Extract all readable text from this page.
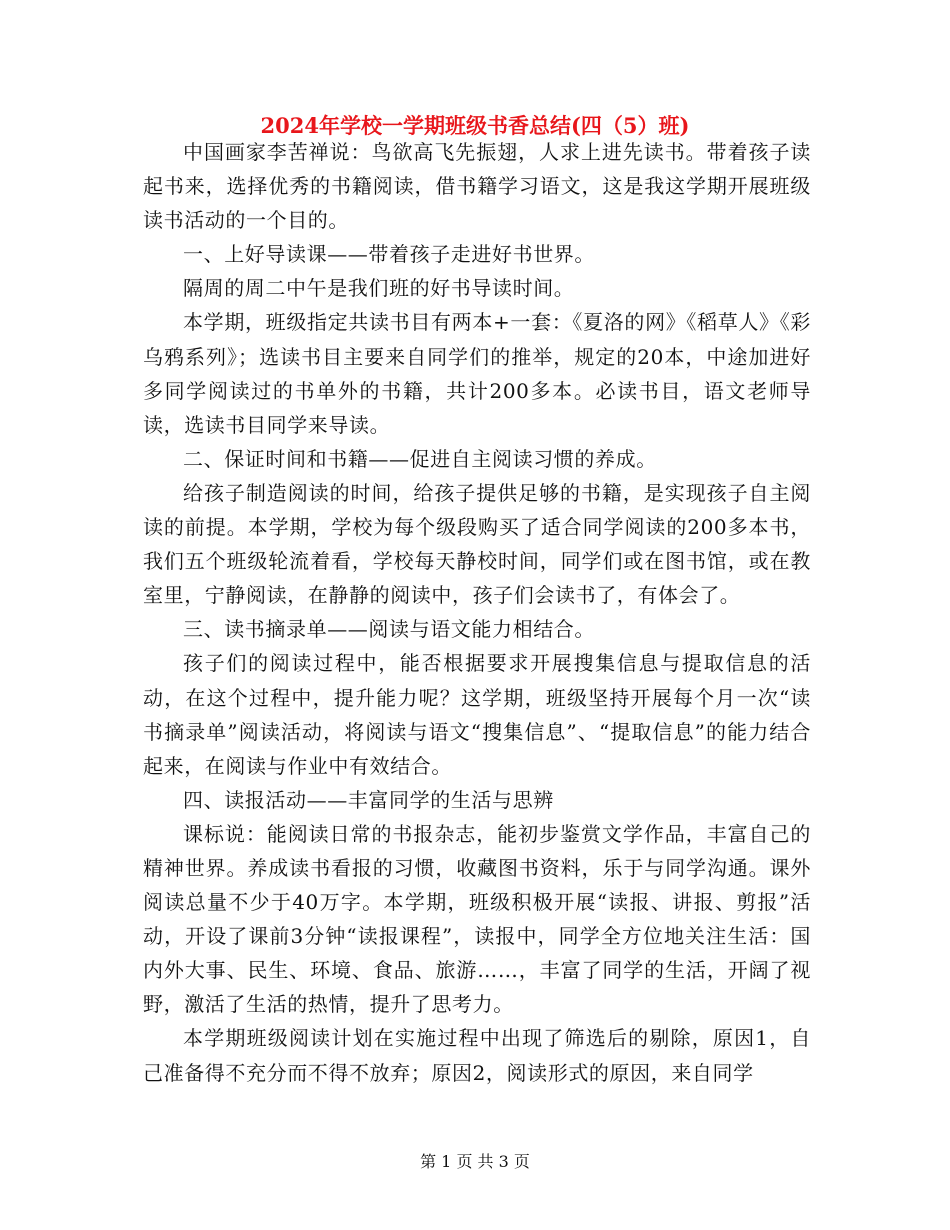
2024年学校一学期班级书香总结(四（5）班)

中国画家李苦禅说：鸟欲高飞先振翅，人求上进先读书。带着孩子读起书来，选择优秀的书籍阅读，借书籍学习语文，这是我这学期开展班级读书活动的一个目的。

一、上好导读课——带着孩子走进好书世界。

隔周的周二中午是我们班的好书导读时间。

本学期，班级指定共读书目有两本+一套：《夏洛的网》《稻草人》《彩乌鸦系列》；选读书目主要来自同学们的推举，规定的20本，中途加进好多同学阅读过的书单外的书籍，共计200多本。必读书目，语文老师导读，选读书目同学来导读。

二、保证时间和书籍——促进自主阅读习惯的养成。

给孩子制造阅读的时间，给孩子提供足够的书籍，是实现孩子自主阅读的前提。本学期，学校为每个级段购买了适合同学阅读的200多本书，我们五个班级轮流着看，学校每天静校时间，同学们或在图书馆，或在教室里，宁静阅读，在静静的阅读中，孩子们会读书了，有体会了。

三、读书摘录单——阅读与语文能力相结合。

孩子们的阅读过程中，能否根据要求开展搜集信息与提取信息的活动，在这个过程中，提升能力呢？这学期，班级坚持开展每个月一次“读书摘录单”阅读活动，将阅读与语文“搜集信息”、“提取信息”的能力结合起来，在阅读与作业中有效结合。

四、读报活动——丰富同学的生活与思辨

课标说：能阅读日常的书报杂志，能初步鉴赏文学作品，丰富自己的精神世界。养成读书看报的习惯，收藏图书资料，乐于与同学沟通。课外阅读总量不少于40万字。本学期，班级积极开展“读报、讲报、剪报”活动，开设了课前3分钟“读报课程”，读报中，同学全方位地关注生活：国内外大事、民生、环境、食品、旅游……，丰富了同学的生活，开阔了视野，激活了生活的热情，提升了思考力。

本学期班级阅读计划在实施过程中出现了筛选后的剔除，原因1，自己准备得不充分而不得不放弃；原因2，阅读形式的原因，来自同学

第 1 页 共 3 页
